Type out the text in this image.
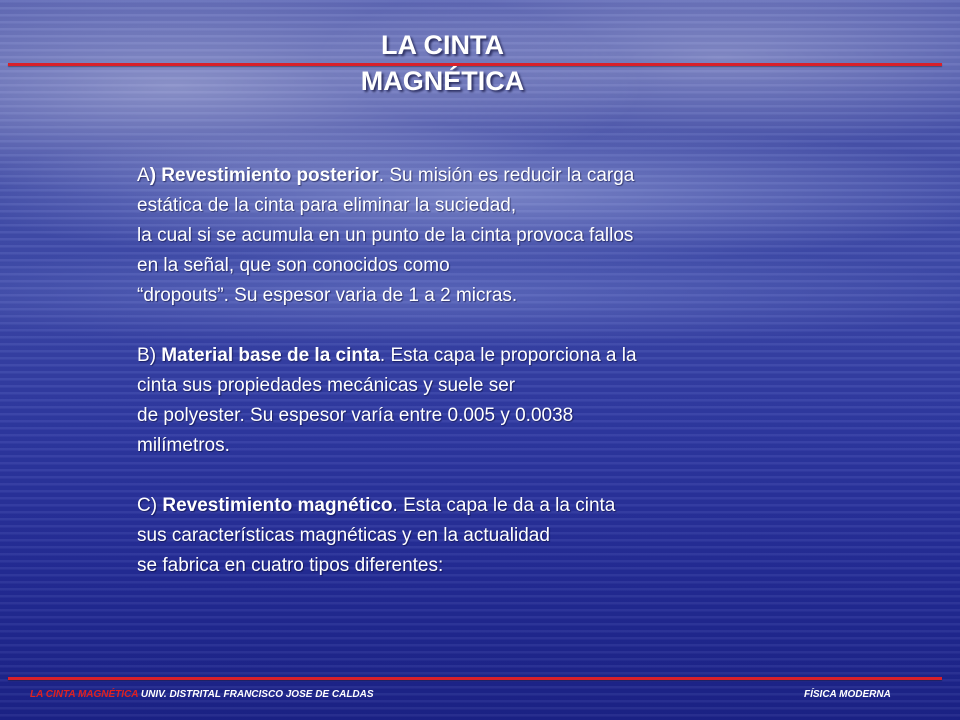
LA CINTA
MAGNÉTICA

A) Revestimiento posterior. Su misión es reducir la carga
estática de la cinta para eliminar la suciedad,
la cual si se acumula en un punto de la cinta provoca fallos
en la señal, que son conocidos como
“dropouts”. Su espesor varia de 1 a 2 micras.

B) Material base de la cinta. Esta capa le proporciona a la
cinta sus propiedades mecánicas y suele ser
de polyester. Su espesor varía entre 0.005 y 0.0038
milímetros.

C) Revestimiento magnético. Esta capa le da a la cinta
sus características magnéticas y en la actualidad
se fabrica en cuatro tipos diferentes:

LA CINTA MAGNÉTICA UNIV. DISTRITAL FRANCISCO JOSE DE CALDAS	FÍSICA MODERNA
